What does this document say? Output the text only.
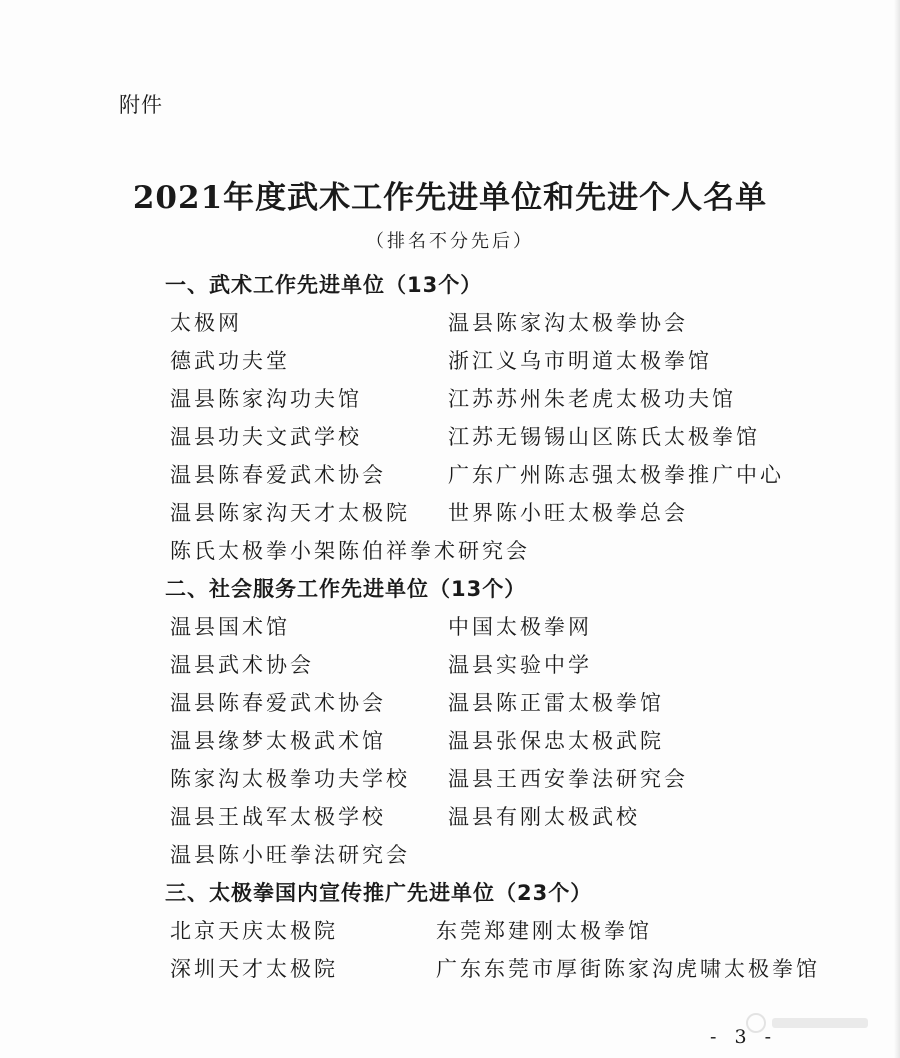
附件
2021年度武术工作先进单位和先进个人名单
（排名不分先后）
一、武术工作先进单位（13个）
太极网	温县陈家沟太极拳协会
德武功夫堂	浙江义乌市明道太极拳馆
温县陈家沟功夫馆	江苏苏州朱老虎太极功夫馆
温县功夫文武学校	江苏无锡锡山区陈氏太极拳馆
温县陈春爱武术协会	广东广州陈志强太极拳推广中心
温县陈家沟天才太极院	世界陈小旺太极拳总会
陈氏太极拳小架陈伯祥拳术研究会
二、社会服务工作先进单位（13个）
温县国术馆	中国太极拳网
温县武术协会	温县实验中学
温县陈春爱武术协会	温县陈正雷太极拳馆
温县缘梦太极武术馆	温县张保忠太极武院
陈家沟太极拳功夫学校	温县王西安拳法研究会
温县王战军太极学校	温县有刚太极武校
温县陈小旺拳法研究会
三、太极拳国内宣传推广先进单位（23个）
北京天庆太极院	东莞郑建刚太极拳馆
深圳天才太极院	广东东莞市厚街陈家沟虎啸太极拳馆
- 3 -
